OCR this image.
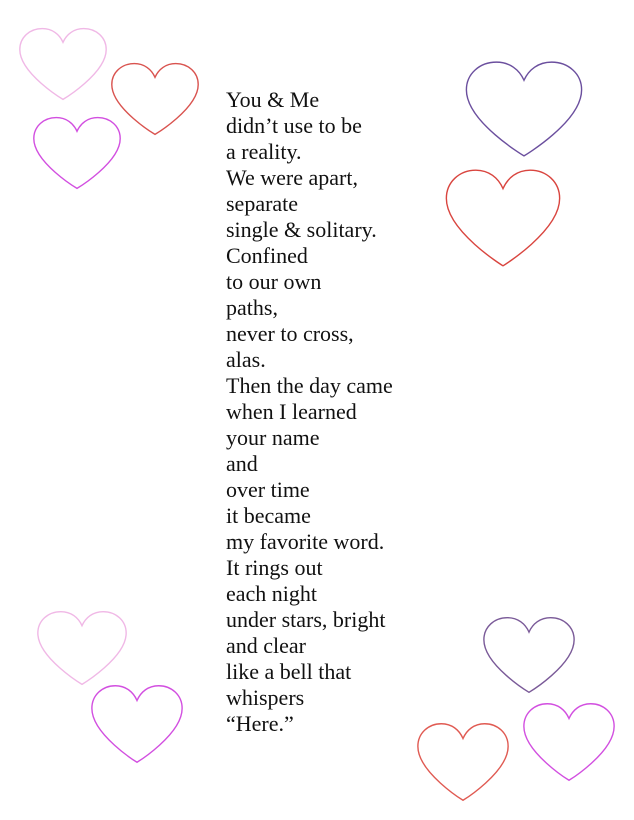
You & Me
didn’t use to be
a reality.
We were apart,
separate
single & solitary.
Confined
to our own
paths,
never to cross,
alas.
Then the day came
when I learned
your name
and
over time
it became
my favorite word.
It rings out
each night
under stars, bright
and clear
like a bell that
whispers
“Here.”
